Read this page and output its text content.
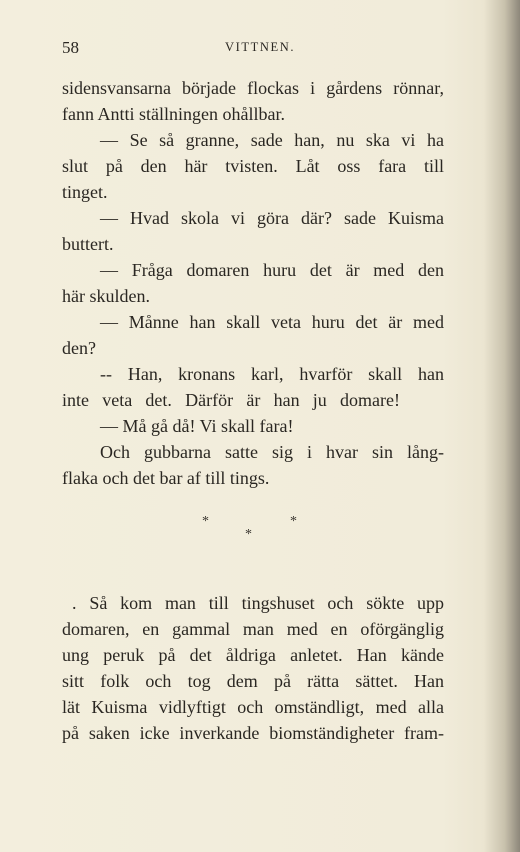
58	VITTNEN.
sidensvansarna började flockas i gårdens rönnar,
fann Antti ställningen ohållbar.
— Se så granne, sade han, nu ska vi ha
slut på den här tvisten. Låt oss fara till
tinget.
— Hvad skola vi göra där? sade Kuisma
buttert.
— Fråga domaren huru det är med den
här skulden.
— Månne han skall veta huru det är med
den?
-- Han, kronans karl, hvarför skall han
inte veta det. Därför är han ju domare!
— Må gå då! Vi skall fara!
Och gubbarna satte sig i hvar sin lång-
flaka och det bar af till tings.
*	*
*
. Så kom man till tingshuset och sökte upp
domaren, en gammal man med en oförgänglig
ung peruk på det åldriga anletet. Han kände
sitt folk och tog dem på rätta sättet. Han
lät Kuisma vidlyftigt och omständligt, med alla
på saken icke inverkande biomständigheter fram-
